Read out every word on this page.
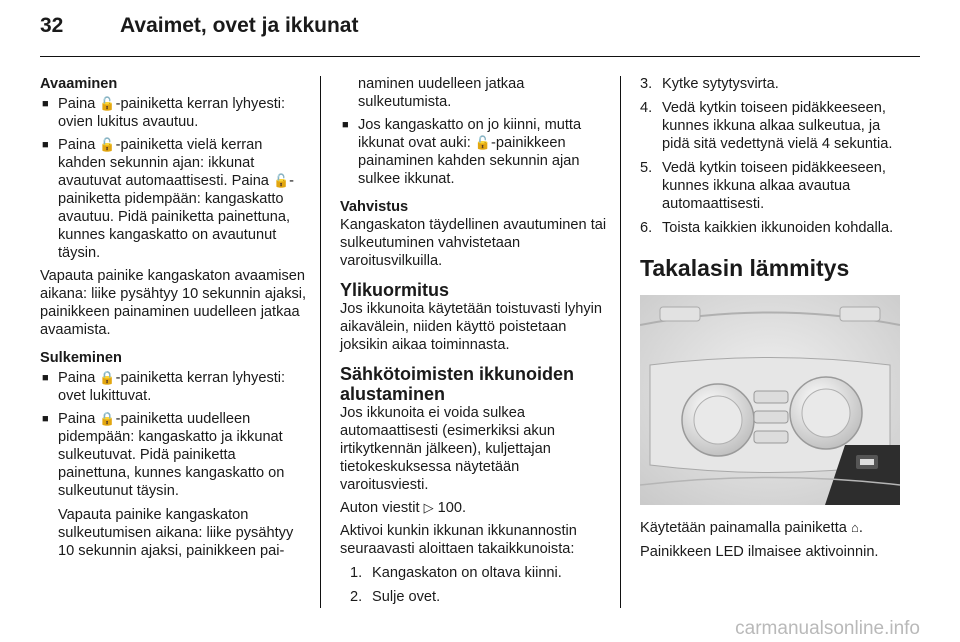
32	Avaimet, ovet ja ikkunat

Avaaminen

■ Paina 🔓-painiketta kerran lyhyesti: ovien lukitus avautuu.
■ Paina 🔓-painiketta vielä kerran kahden sekunnin ajan: ikkunat avautuvat automaattisesti. Paina 🔓-painiketta pidempään: kangaskatto avautuu. Pidä painiketta painettuna, kunnes kangaskatto on avautunut täysin.

Vapauta painike kangaskaton avaamisen aikana: liike pysähtyy 10 sekunnin ajaksi, painikkeen painaminen uudelleen jatkaa avaamista.

Sulkeminen

■ Paina 🔒-painiketta kerran lyhyesti: ovet lukittuvat.
■ Paina 🔒-painiketta uudelleen pidempään: kangaskatto ja ikkunat sulkeutuvat. Pidä painiketta painettuna, kunnes kangaskatto on sulkeutunut täysin.

Vapauta painike kangaskaton sulkeutumisen aikana: liike pysähtyy 10 sekunnin ajaksi, painikkeen pai-

naminen uudelleen jatkaa sulkeutumista.

■ Jos kangaskatto on jo kiinni, mutta ikkunat ovat auki: 🔓-painikkeen painaminen kahden sekunnin ajan sulkee ikkunat.

Vahvistus

Kangaskaton täydellinen avautuminen tai sulkeutuminen vahvistetaan varoitusvilkuilla.

Ylikuormitus

Jos ikkunoita käytetään toistuvasti lyhyin aikavälein, niiden käyttö poistetaan joksikin aikaa toiminnasta.

Sähkötoimisten ikkunoiden alustaminen

Jos ikkunoita ei voida sulkea automaattisesti (esimerkiksi akun irtikytkennän jälkeen), kuljettajan tietokeskuksessa näytetään varoitusviesti.

Auton viestit ▷ 100.

Aktivoi kunkin ikkunan ikkunannostin seuraavasti aloittaen takaikkunoista:

1. Kangaskaton on oltava kiinni.
2. Sulje ovet.
3. Kytke sytytysvirta.
4. Vedä kytkin toiseen pidäkkeeseen, kunnes ikkuna alkaa sulkeutua, ja pidä sitä vedettynä vielä 4 sekuntia.
5. Vedä kytkin toiseen pidäkkeeseen, kunnes ikkuna alkaa avautua automaattisesti.
6. Toista kaikkien ikkunoiden kohdalla.

Takalasin lämmitys

Käytetään painamalla painiketta ⌂.

Painikkeen LED ilmaisee aktivoinnin.

carmanualsonline.info
